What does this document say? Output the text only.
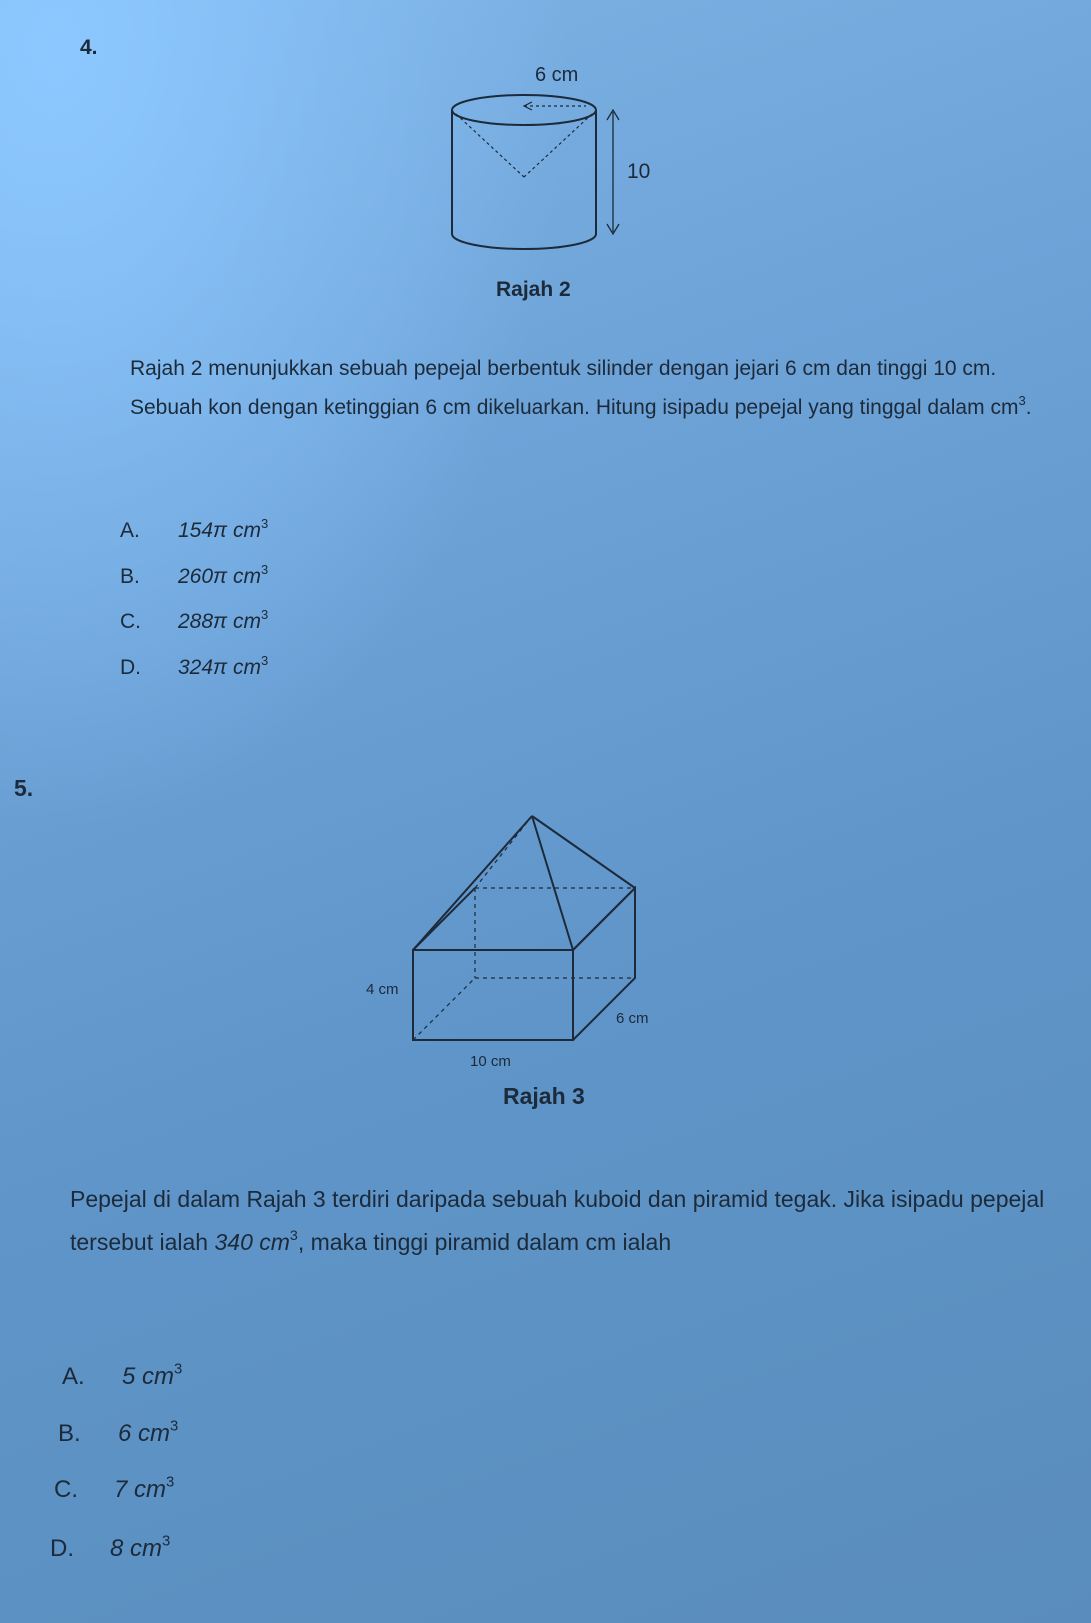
4.
6 cm
10
Rajah 2
Rajah 2 menunjukkan sebuah pepejal berbentuk silinder dengan jejari 6 cm dan tinggi 10 cm. Sebuah kon dengan ketinggian 6 cm dikeluarkan. Hitung isipadu pepejal yang tinggal dalam $cm^3$.
A. 154π $cm^3$
B. 260π $cm^3$
C. 288π $cm^3$
D. 324π $cm^3$
5.
4 cm
6 cm
10 cm
Rajah 3
Pepejal di dalam Rajah 3 terdiri daripada sebuah kuboid dan piramid tegak. Jika isipadu pepejal tersebut ialah 340 $cm^3$, maka tinggi piramid dalam cm ialah
A. 5 $cm^3$
B. 6 $cm^3$
C. 7 $cm^3$
D. 8 $cm^3$
